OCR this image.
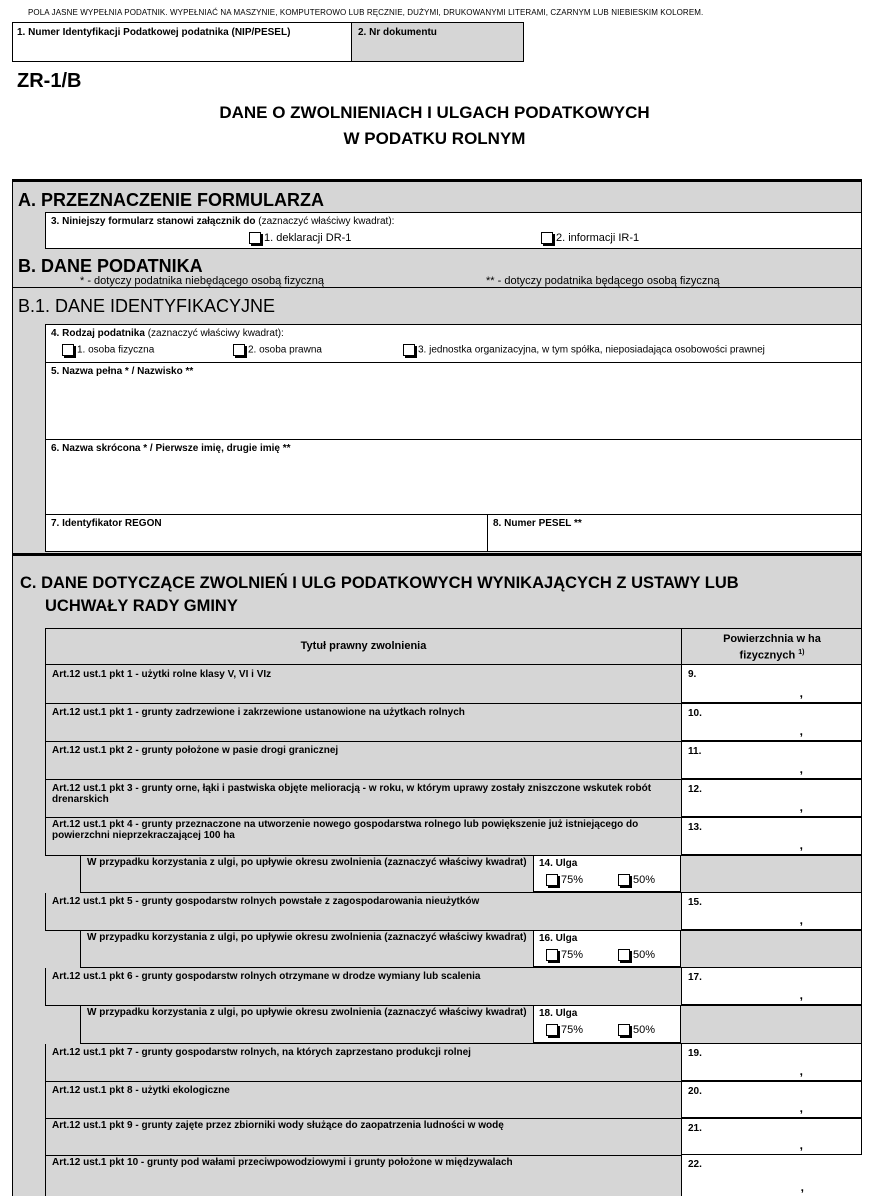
POLA JASNE WYPEŁNIA PODATNIK. WYPEŁNIAĆ NA MASZYNIE, KOMPUTEROWO LUB RĘCZNIE, DUŻYMI, DRUKOWANYMI LITERAMI, CZARNYM LUB NIEBIESKIM KOLOREM.
1. Numer Identyfikacji Podatkowej podatnika (NIP/PESEL)	2. Nr dokumentu
ZR-1/B
DANE O ZWOLNIENIACH I ULGACH PODATKOWYCH
W PODATKU ROLNYM
A. PRZEZNACZENIE FORMULARZA
3. Niniejszy formularz stanowi załącznik do (zaznaczyć właściwy kwadrat):
1. deklaracji DR-1	2. informacji IR-1
B. DANE PODATNIKA
* - dotyczy podatnika niebędącego osobą fizyczną	** - dotyczy podatnika będącego osobą fizyczną
B.1. DANE IDENTYFIKACYJNE
4. Rodzaj podatnika (zaznaczyć właściwy kwadrat):
1. osoba fizyczna	2. osoba prawna	3. jednostka organizacyjna, w tym spółka, nieposiadająca osobowości prawnej
5. Nazwa pełna * / Nazwisko **
6. Nazwa skrócona * / Pierwsze imię, drugie imię **
7. Identyfikator REGON	8. Numer PESEL **
C. DANE DOTYCZĄCE ZWOLNIEŃ I ULG PODATKOWYCH WYNIKAJĄCYCH Z USTAWY LUB
UCHWAŁY RADY GMINY
Tytuł prawny zwolnienia
Powierzchnia w ha
fizycznych $^{1)}$
Art.12 ust.1 pkt 1 - użytki rolne klasy V, VI i VIz	9.
,
Art.12 ust.1 pkt 1 - grunty zadrzewione i zakrzewione ustanowione na użytkach rolnych	10.
,
Art.12 ust.1 pkt 2 - grunty położone w pasie drogi granicznej	11.
,
Art.12 ust.1 pkt 3 - grunty orne, łąki i pastwiska objęte melioracją - w roku, w którym uprawy zostały zniszczone wskutek robót drenarskich
12.
,
Art.12 ust.1 pkt 4 - grunty przeznaczone na utworzenie nowego gospodarstwa rolnego lub powiększenie już istniejącego do powierzchni nieprzekraczającej 100 ha
13.
,
W przypadku korzystania z ulgi, po upływie okresu zwolnienia (zaznaczyć właściwy kwadrat) 14. Ulga
75%	50%
Art.12 ust.1 pkt 5 - grunty gospodarstw rolnych powstałe z zagospodarowania nieużytków	15.
,
W przypadku korzystania z ulgi, po upływie okresu zwolnienia (zaznaczyć właściwy kwadrat) 16. Ulga
75%	50%
Art.12 ust.1 pkt 6 - grunty gospodarstw rolnych otrzymane w drodze wymiany lub scalenia	17.
,
W przypadku korzystania z ulgi, po upływie okresu zwolnienia (zaznaczyć właściwy kwadrat) 18. Ulga
75%	50%
Art.12 ust.1 pkt 7 - grunty gospodarstw rolnych, na których zaprzestano produkcji rolnej	19.
,
Art.12 ust.1 pkt 8 - użytki ekologiczne	20.
,
Art.12 ust.1 pkt 9 - grunty zajęte przez zbiorniki wody służące do zaopatrzenia ludności w wodę	21.
,
Art.12 ust.1 pkt 10 - grunty pod wałami przeciwpowodziowymi i grunty położone w międzywalach	22.
,
